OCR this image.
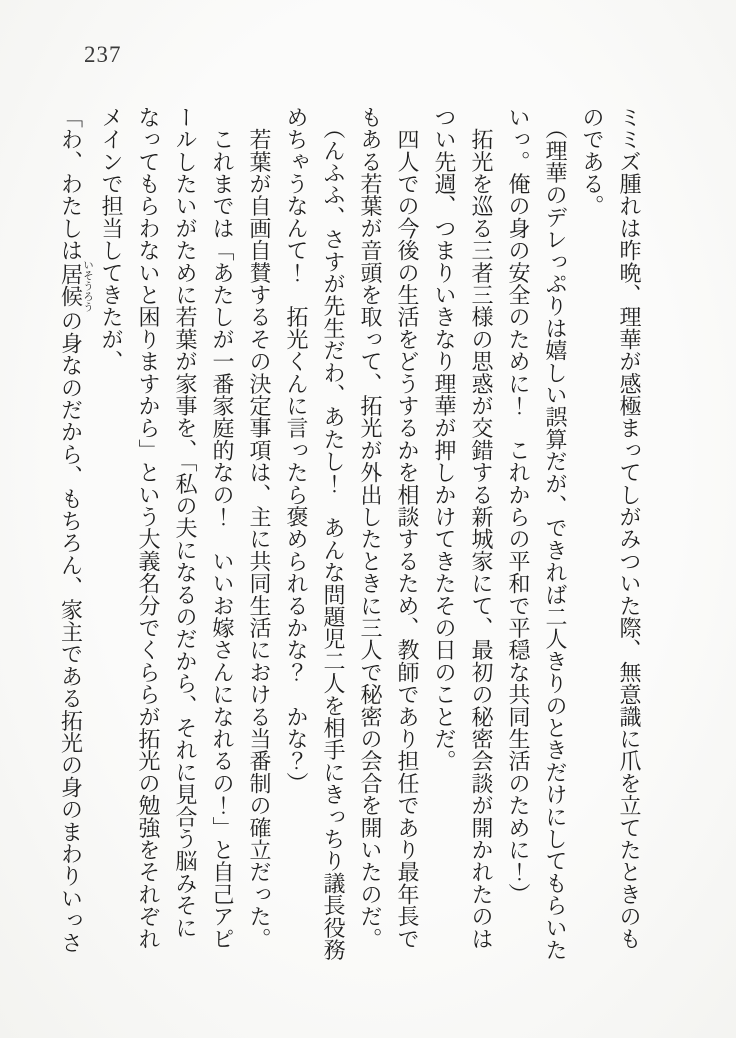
237
ミミズ腫れは昨晩、理華が感極まってしがみついた際、無意識に爪を立てたときのも
のである。
　（理華のデレっぷりは嬉しい誤算だが、できれば二人きりのときだけにしてもらいた
いっ。俺の身の安全のために！　これからの平和で平穏な共同生活のために！）
　拓光を巡る三者三様の思惑が交錯する新城家にて、最初の秘密会談が開かれたのは
つい先週、つまりいきなり理華が押しかけてきたその日のことだ。
　四人での今後の生活をどうするかを相談するため、教師であり担任であり最年長で
もある若葉が音頭を取って、拓光が外出したときに三人で秘密の会合を開いたのだ。
　（んふふ、さすが先生だわ、あたし！　あんな問題児二人を相手にきっちり議長役務
めちゃうなんて！　拓光くんに言ったら褒められるかな？　かな？）
　若葉が自画自賛するその決定事項は、主に共同生活における当番制の確立だった。
　これまでは「あたしが一番家庭的なの！　いいお嫁さんになれるの！」と自己アピ
ールしたいがために若葉が家事を、「私の夫になるのだから、それに見合う脳みそに
なってもらわないと困りますから」という大義名分でくららが拓光の勉強をそれぞれ
メインで担当してきたが、
「わ、わたしは居候いそうろうの身なのだから、もちろん、家主である拓光の身のまわりいっさ
